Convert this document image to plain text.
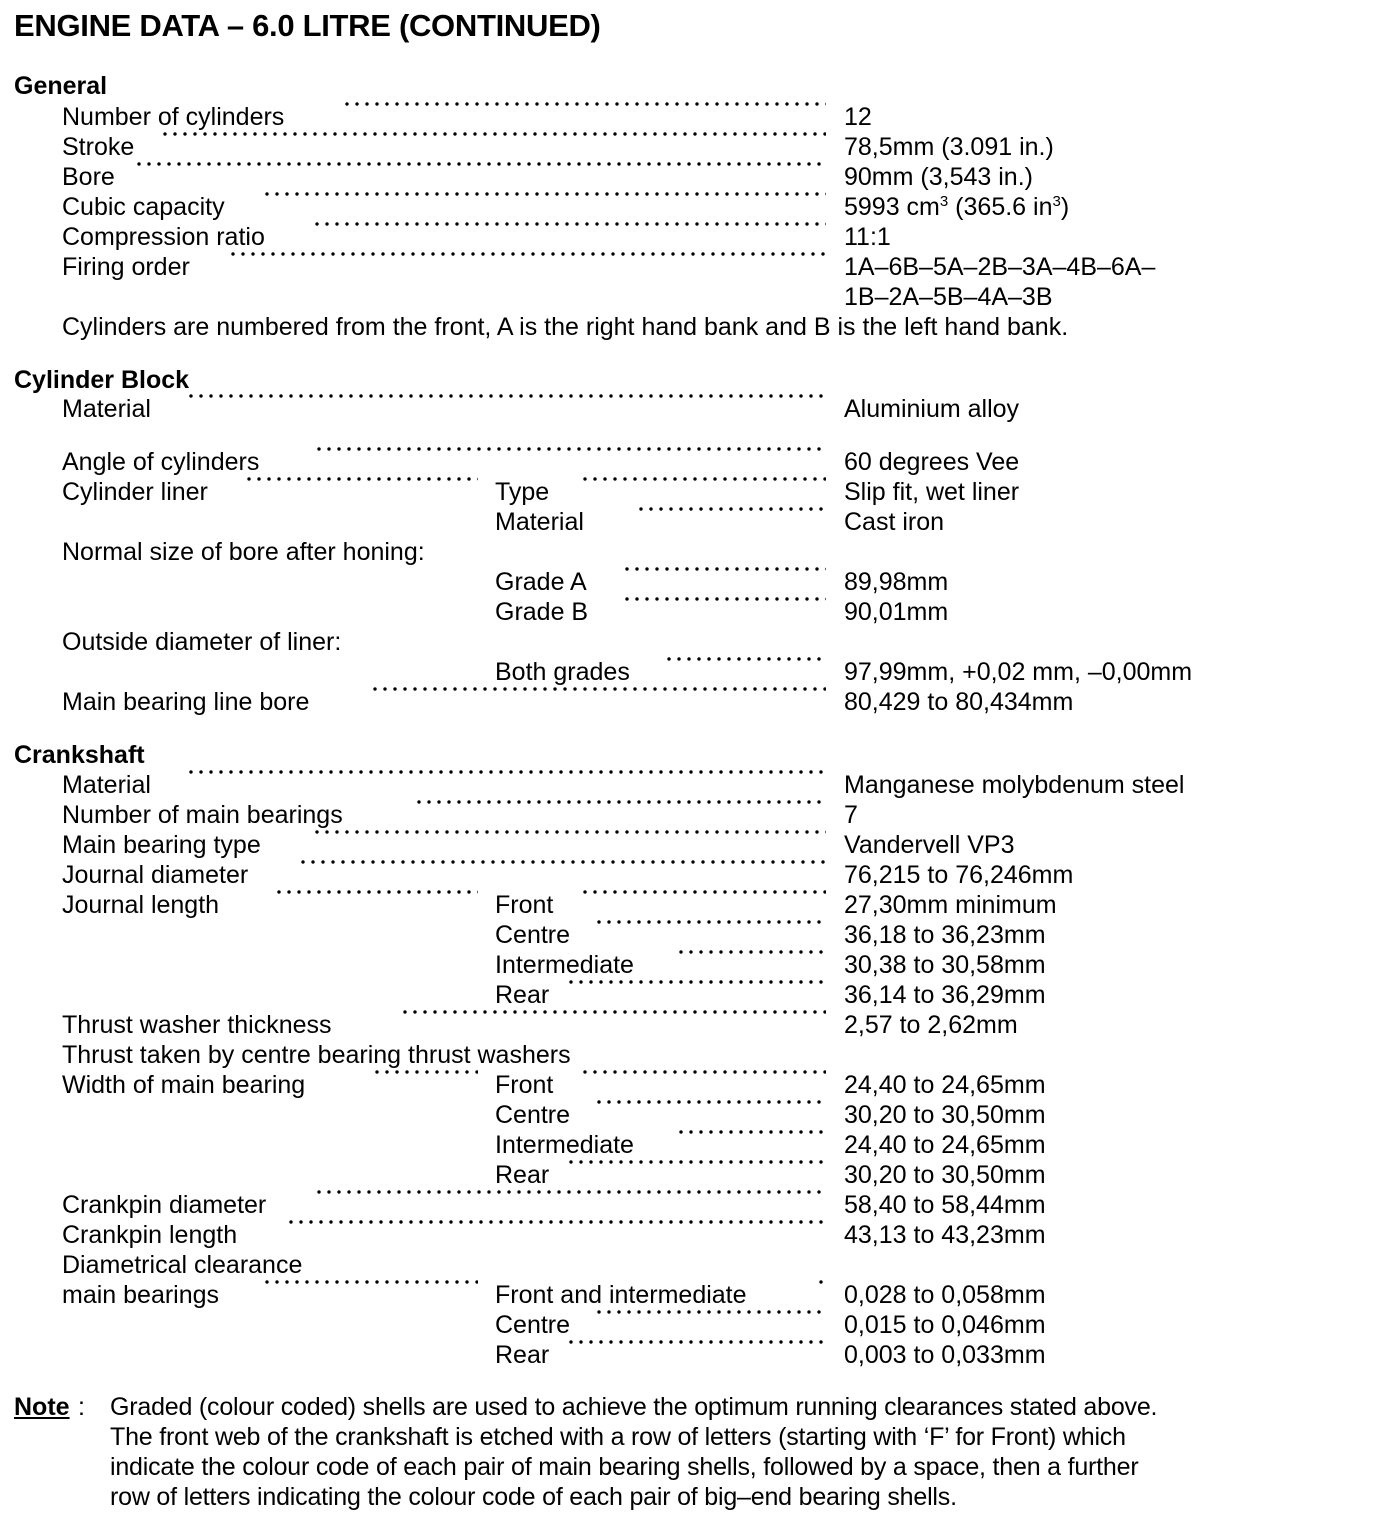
ENGINE DATA – 6.0 LITRE (CONTINUED)
General
Number of cylinders	12
Stroke	78,5mm (3.091 in.)
Bore	90mm (3,543 in.)
Cubic capacity	5993 $cm^3$ (365.6 $in^3$)
Compression ratio	11:1
Firing order	1A–6B–5A–2B–3A–4B–6A–
1B–2A–5B–4A–3B
Cylinders are numbered from the front, A is the right hand bank and B is the left hand bank.
Cylinder Block
Material	Aluminium alloy
Angle of cylinders	60 degrees Vee
Cylinder liner	Type	Slip fit, wet liner
Material	Cast iron
Normal size of bore after honing:
Grade A	89,98mm
Grade B	90,01mm
Outside diameter of liner:
Both grades	97,99mm, +0,02 mm, –0,00mm
Main bearing line bore	80,429 to 80,434mm
Crankshaft
Material	Manganese molybdenum steel
Number of main bearings	7
Main bearing type	Vandervell VP3
Journal diameter	76,215 to 76,246mm
Journal length	Front	27,30mm minimum
Centre	36,18 to 36,23mm
Intermediate	30,38 to 30,58mm
Rear	36,14 to 36,29mm
Thrust washer thickness	2,57 to 2,62mm
Thrust taken by centre bearing thrust washers
Width of main bearing	Front	24,40 to 24,65mm
Centre	30,20 to 30,50mm
Intermediate	24,40 to 24,65mm
Rear	30,20 to 30,50mm
Crankpin diameter	58,40 to 58,44mm
Crankpin length	43,13 to 43,23mm
Diametrical clearance
main bearings	Front and intermediate	0,028 to 0,058mm
Centre	0,015 to 0,046mm
Rear	0,003 to 0,033mm
Note : Graded (colour coded) shells are used to achieve the optimum running clearances stated above.
The front web of the crankshaft is etched with a row of letters (starting with ‘F’ for Front) which
indicate the colour code of each pair of main bearing shells, followed by a space, then a further
row of letters indicating the colour code of each pair of big–end bearing shells.
